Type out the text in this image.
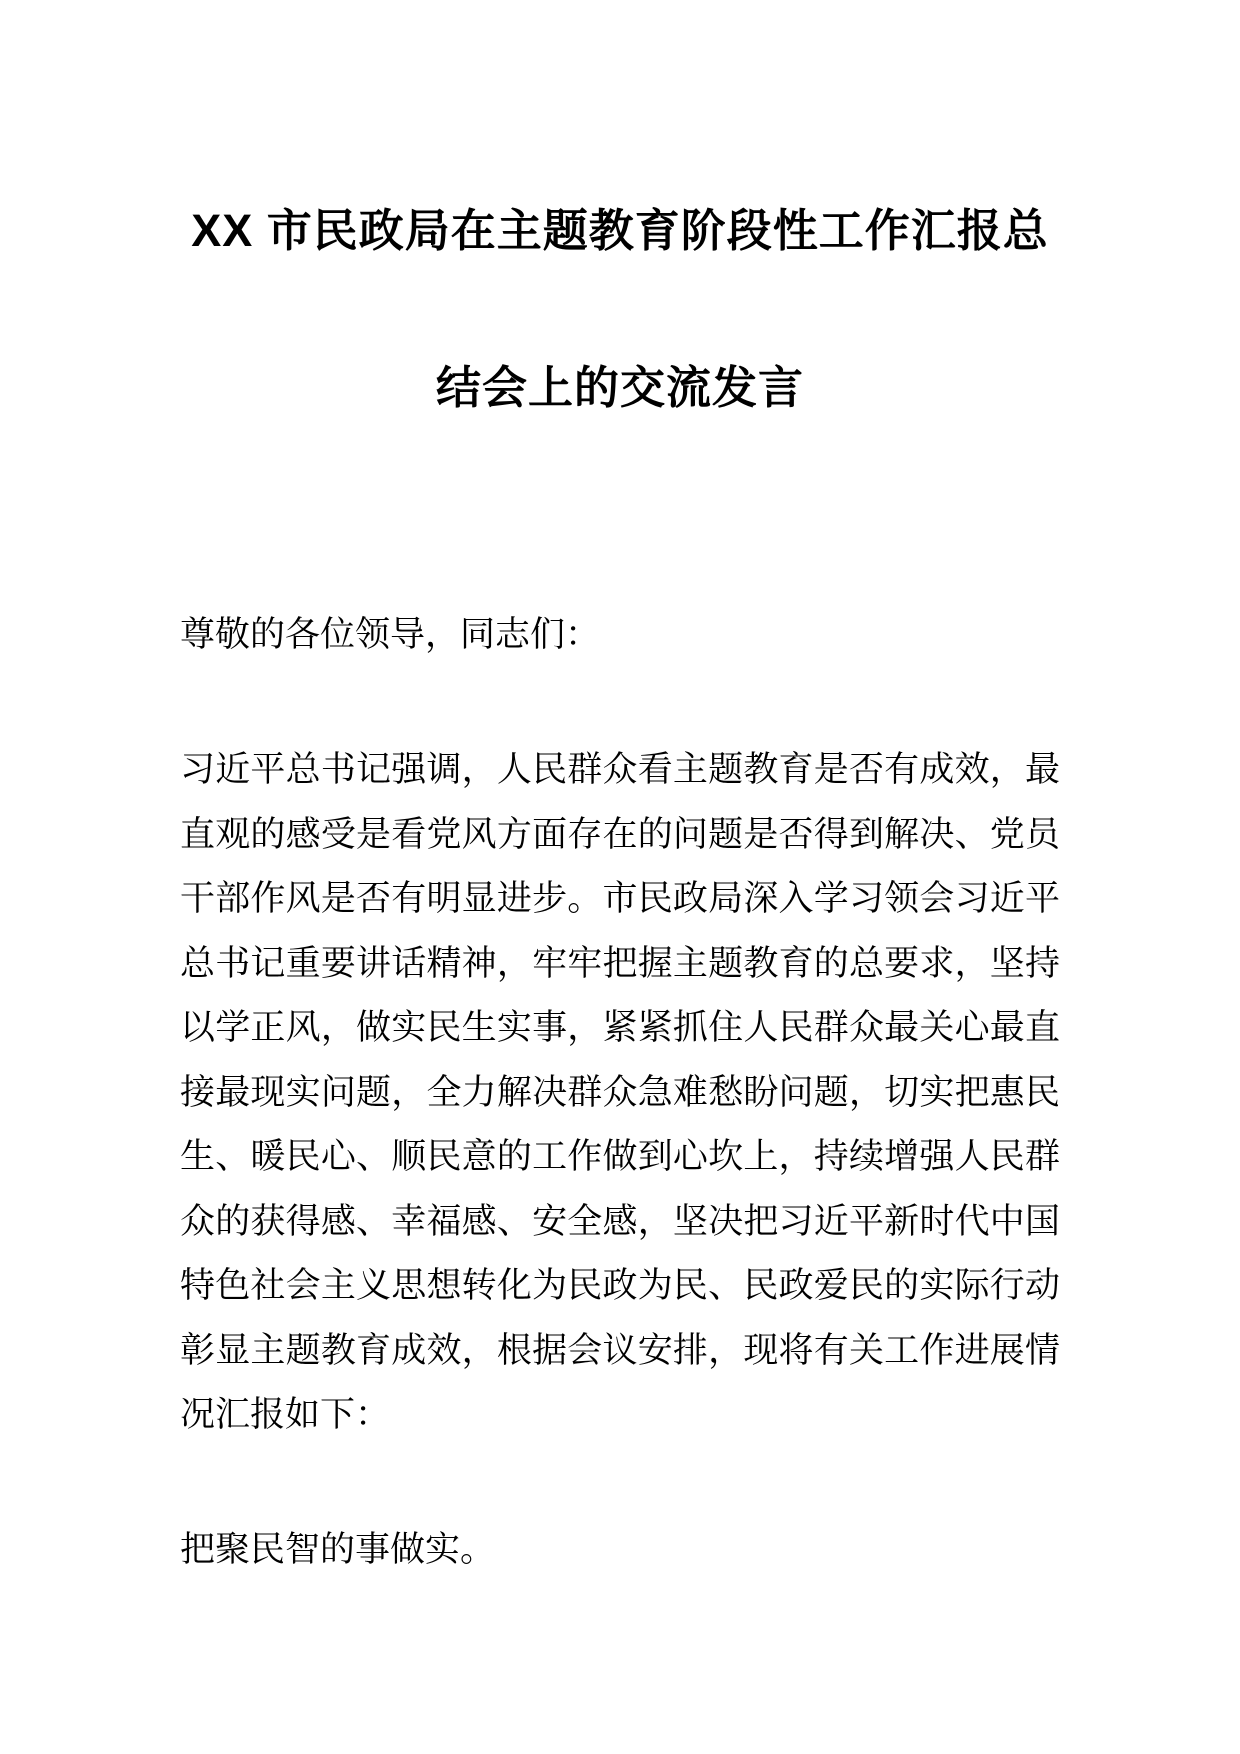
XX 市民政局在主题教育阶段性工作汇报总
结会上的交流发言

尊敬的各位领导，同志们：

习近平总书记强调，人民群众看主题教育是否有成效，最直观的感受是看党风方面存在的问题是否得到解决、党员干部作风是否有明显进步。市民政局深入学习领会习近平总书记重要讲话精神，牢牢把握主题教育的总要求，坚持以学正风，做实民生实事，紧紧抓住人民群众最关心最直接最现实问题，全力解决群众急难愁盼问题，切实把惠民生、暖民心、顺民意的工作做到心坎上，持续增强人民群众的获得感、幸福感、安全感，坚决把习近平新时代中国特色社会主义思想转化为民政为民、民政爱民的实际行动彰显主题教育成效，根据会议安排，现将有关工作进展情况汇报如下：

把聚民智的事做实。
